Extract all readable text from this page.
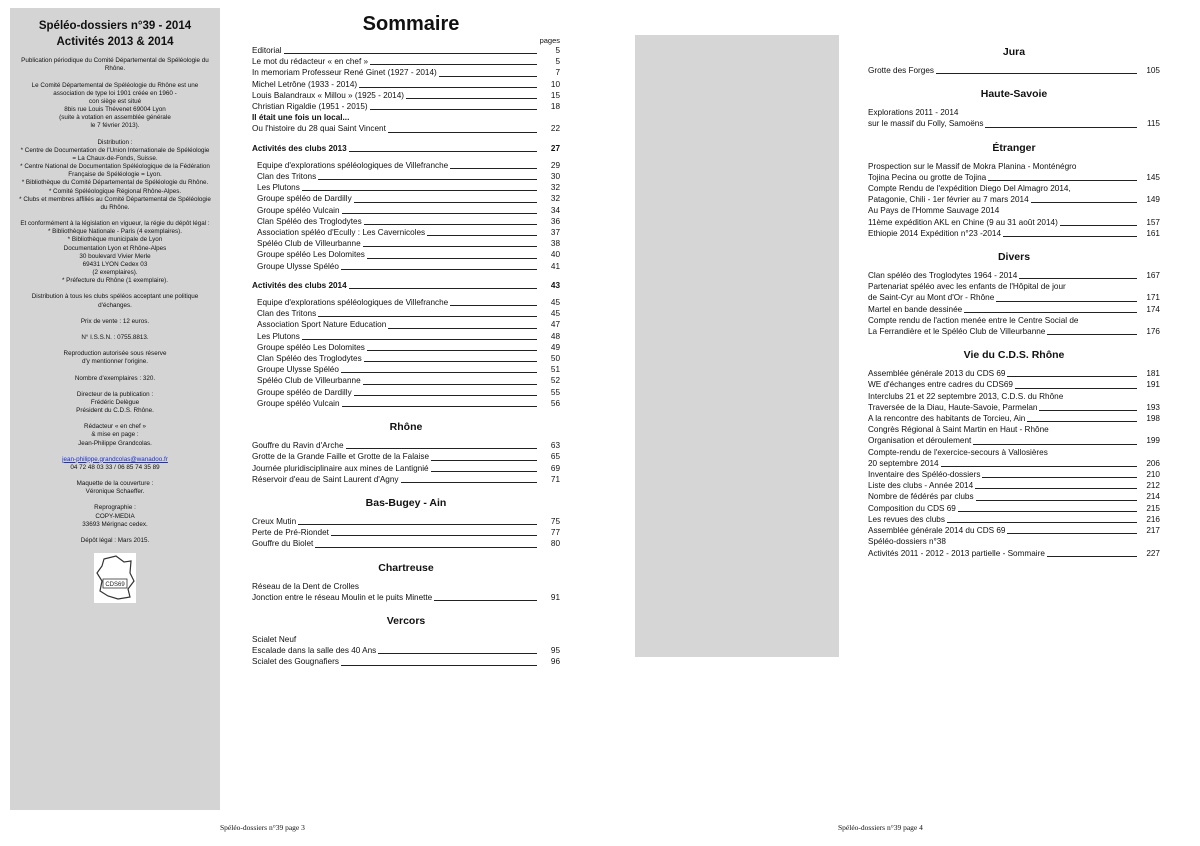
Spéléo-dossiers n°39 - 2014
Activités 2013 & 2014
Publication périodique du Comité Départemental de Spéléologie du Rhône.
Le Comité Départemental de Spéléologie du Rhône est une association de type loi 1901 créée en 1960 -
con siège est situé
8bis rue Louis Thévenet 69004 Lyon
(suite à votation en assemblée générale
le 7 février 2013).
Distribution :
* Centre de Documentation de l'Union Internationale de Spéléologie
= La Chaux-de-Fonds, Suisse.
* Centre National de Documentation Spéléologique de la Fédération Française de Spéléologie = Lyon.
* Bibliothèque du Comité Départemental de Spéléologie du Rhône.
* Comité Spéléologique Régional Rhône-Alpes.
* Clubs et membres affiliés au Comité Départemental de Spéléologie du Rhône.
Et conformément à la législation en vigueur, la régie du dépôt légal :
* Bibliothèque Nationale - Paris (4 exemplaires).
* Bibliothèque municipale de Lyon
Documentation Lyon et Rhône-Alpes
30 boulevard Vivier Merle
69431 LYON Cedex 03
(2 exemplaires).
* Préfecture du Rhône (1 exemplaire).
Distribution à tous les clubs spéléos acceptant une politique d'échanges.
Prix de vente : 12 euros.
N° I.S.S.N. : 0755.8813.
Reproduction autorisée sous réserve
d'y mentionner l'origine.
Nombre d'exemplaires : 320.
Directeur de la publication :
Frédéric Delègue
Président du C.D.S. Rhône.
Rédacteur « en chef »
& mise en page :
Jean-Philippe Grandcolas.
jean-philippe.grandcolas@wanadoo.fr
04 72 48 03 33 / 06 85 74 35 89
Maquette de la couverture :
Véronique Schaeffer.
Reprographie :
COPY-MEDIA
33693 Mérignac cedex.
Dépôt légal : Mars 2015.
CDS69
Sommaire
pages
Editorial	5
Le mot du rédacteur « en chef »	5
In memoriam Professeur René Ginet (1927 - 2014)	7
Michel Letrône (1933 - 2014)	10
Louis Balandraux « Millou » (1925 - 2014)	15
Christian Rigaldie (1951 - 2015)	18
Il était une fois un local...
Ou l'histoire du 28 quai Saint Vincent	22
Activités des clubs 2013	27
Equipe d'explorations spéléologiques de Villefranche	29
Clan des Tritons	30
Les Plutons	32
Groupe spéléo de Dardilly	32
Groupe spéléo Vulcain	34
Clan Spéléo des Troglodytes	36
Association spéléo d'Ecully : Les Cavernicoles	37
Spéléo Club de Villeurbanne	38
Groupe spéléo Les Dolomites	40
Groupe Ulysse Spéléo	41
Activités des clubs 2014	43
Equipe d'explorations spéléologiques de Villefranche	45
Clan des Tritons	45
Association Sport Nature Education	47
Les Plutons	48
Groupe spéléo Les Dolomites	49
Clan Spéléo des Troglodytes	50
Groupe Ulysse Spéléo	51
Spéléo Club de Villeurbanne	52
Groupe spéléo de Dardilly	55
Groupe spéléo Vulcain	56
Rhône
Gouffre du Ravin d'Arche	63
Grotte de la Grande Faille et Grotte de la Falaise	65
Journée pluridisciplinaire aux mines de Lantignié	69
Réservoir d'eau de Saint Laurent d'Agny	71
Bas-Bugey - Ain
Creux Mutin	75
Perte de Pré-Riondet	77
Gouffre du Biolet	80
Chartreuse
Réseau de la Dent de Crolles
Jonction entre le réseau Moulin et le puits Minette	91
Vercors
Scialet Neuf
Escalade dans la salle des 40 Ans	95
Scialet des Gougnafiers	96
Jura
Grotte des Forges	105
Haute-Savoie
Explorations 2011 - 2014
sur le massif du Folly, Samoëns	115
Étranger
Prospection sur le Massif de Mokra Planina - Monténégro
Tojina Pecina ou grotte de Tojina	145
Compte Rendu de l'expédition Diego Del Almagro 2014,
Patagonie, Chili - 1er février au 7 mars 2014	149
Au Pays de l'Homme Sauvage 2014
11ème expédition AKL en Chine (9 au 31 août 2014)	157
Ethiopie 2014 Expédition n°23 -2014	161
Divers
Clan spéléo des Troglodytes 1964 - 2014	167
Partenariat spéléo avec les enfants de l'Hôpital de jour
de Saint-Cyr au Mont d'Or - Rhône	171
Martel en bande dessinée	174
Compte rendu de l'action menée entre le Centre Social de
La Ferrandière et le Spéléo Club de Villeurbanne	176
Vie du C.D.S. Rhône
Assemblée générale 2013 du CDS 69	181
WE d'échanges entre cadres du CDS69	191
Interclubs 21 et 22 septembre 2013, C.D.S. du Rhône
Traversée de la Diau, Haute-Savoie, Parmelan	193
A la rencontre des habitants de Torcieu, Ain	198
Congrès Régional à Saint Martin en Haut - Rhône
Organisation et déroulement	199
Compte-rendu de l'exercice-secours à Vallosières
20 septembre 2014	206
Inventaire des Spéléo-dossiers	210
Liste des clubs - Année 2014	212
Nombre de fédérés par clubs	214
Composition du CDS 69	215
Les revues des clubs	216
Assemblée générale 2014 du CDS 69	217
Spéléo-dossiers n°38
Activités 2011 - 2012 - 2013 partielle - Sommaire	227
Spéléo-dossiers n°39 page 3	Spéléo-dossiers n°39 page 4
